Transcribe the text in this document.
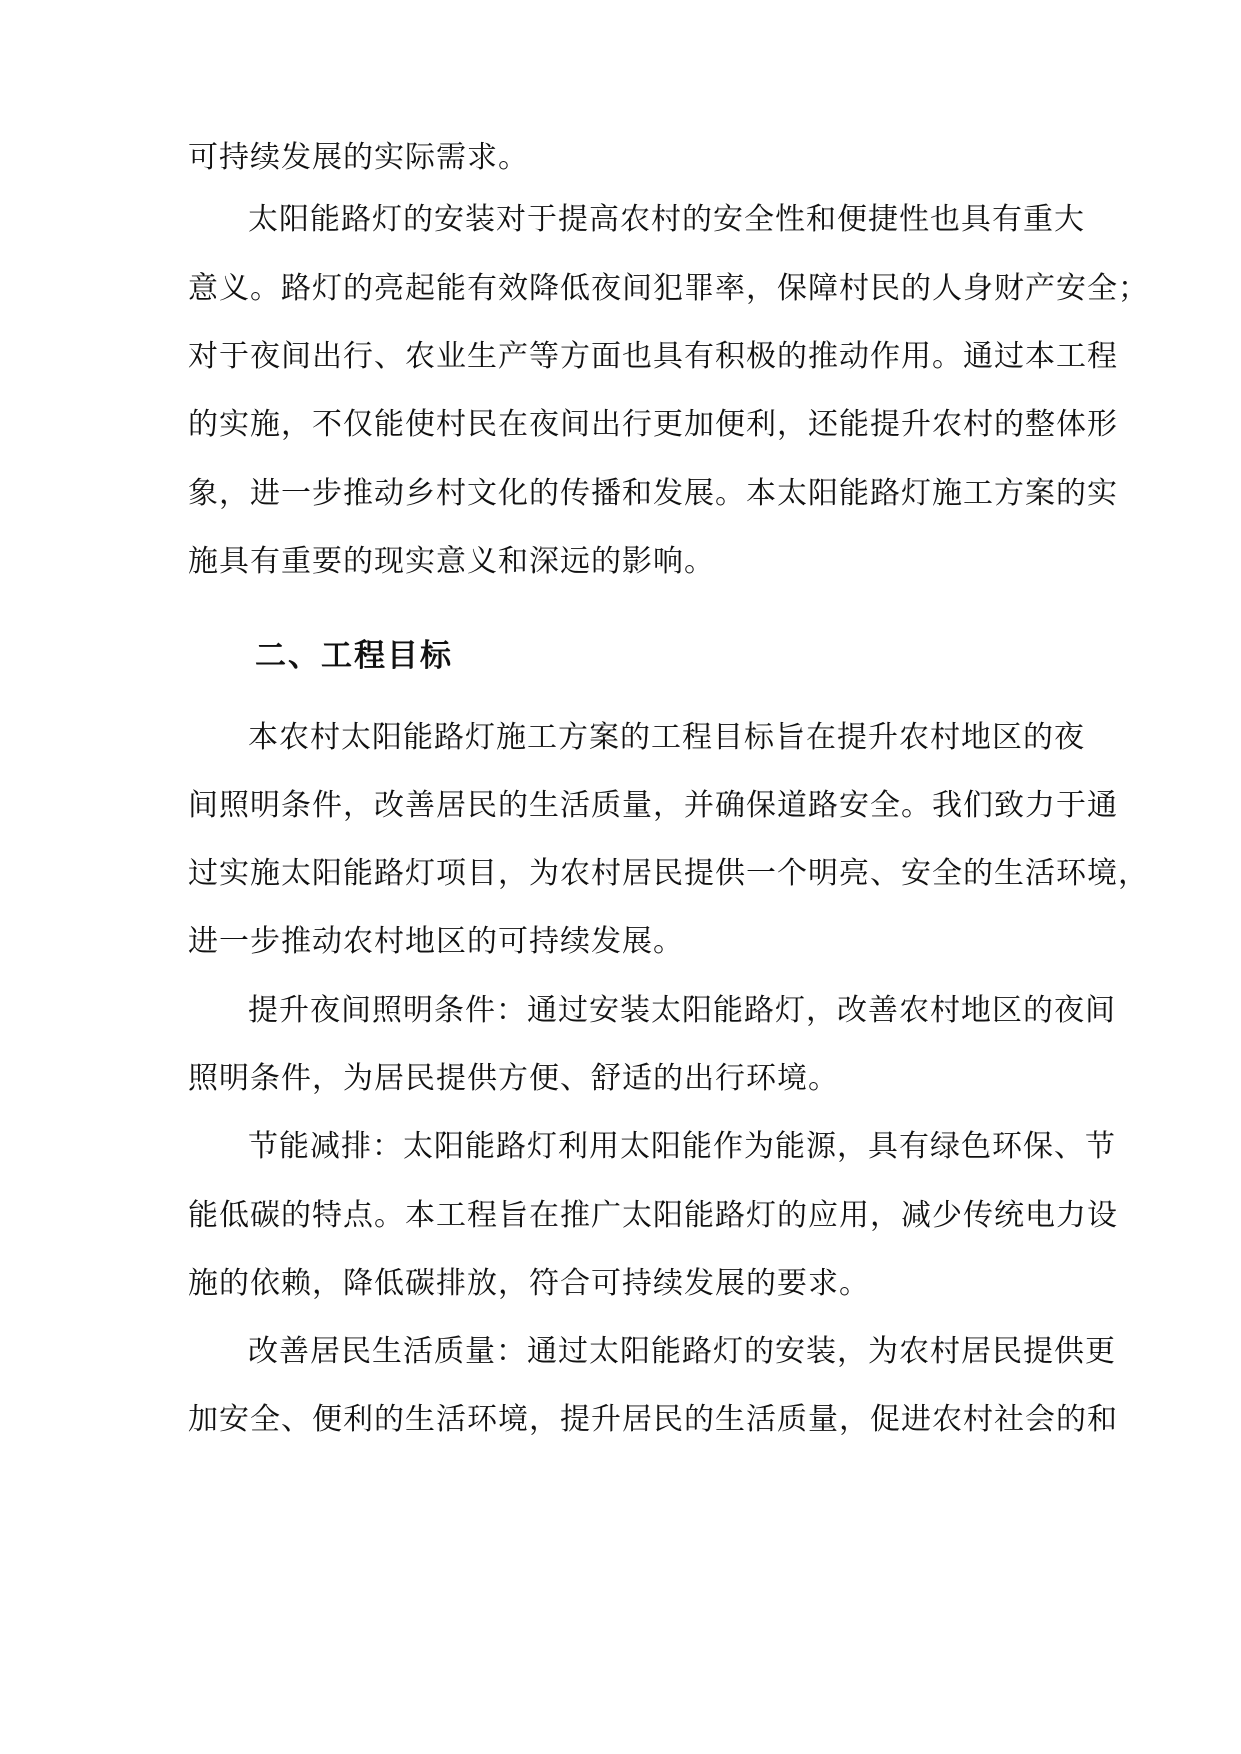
可持续发展的实际需求。
太阳能路灯的安装对于提高农村的安全性和便捷性也具有重大
意义。路灯的亮起能有效降低夜间犯罪率，保障村民的人身财产安全；
对于夜间出行、农业生产等方面也具有积极的推动作用。通过本工程
的实施，不仅能使村民在夜间出行更加便利，还能提升农村的整体形
象，进一步推动乡村文化的传播和发展。本太阳能路灯施工方案的实
施具有重要的现实意义和深远的影响。
二、工程目标
本农村太阳能路灯施工方案的工程目标旨在提升农村地区的夜
间照明条件，改善居民的生活质量，并确保道路安全。我们致力于通
过实施太阳能路灯项目，为农村居民提供一个明亮、安全的生活环境，
进一步推动农村地区的可持续发展。
提升夜间照明条件：通过安装太阳能路灯，改善农村地区的夜间
照明条件，为居民提供方便、舒适的出行环境。
节能减排：太阳能路灯利用太阳能作为能源，具有绿色环保、节
能低碳的特点。本工程旨在推广太阳能路灯的应用，减少传统电力设
施的依赖，降低碳排放，符合可持续发展的要求。
改善居民生活质量：通过太阳能路灯的安装，为农村居民提供更
加安全、便利的生活环境，提升居民的生活质量，促进农村社会的和
